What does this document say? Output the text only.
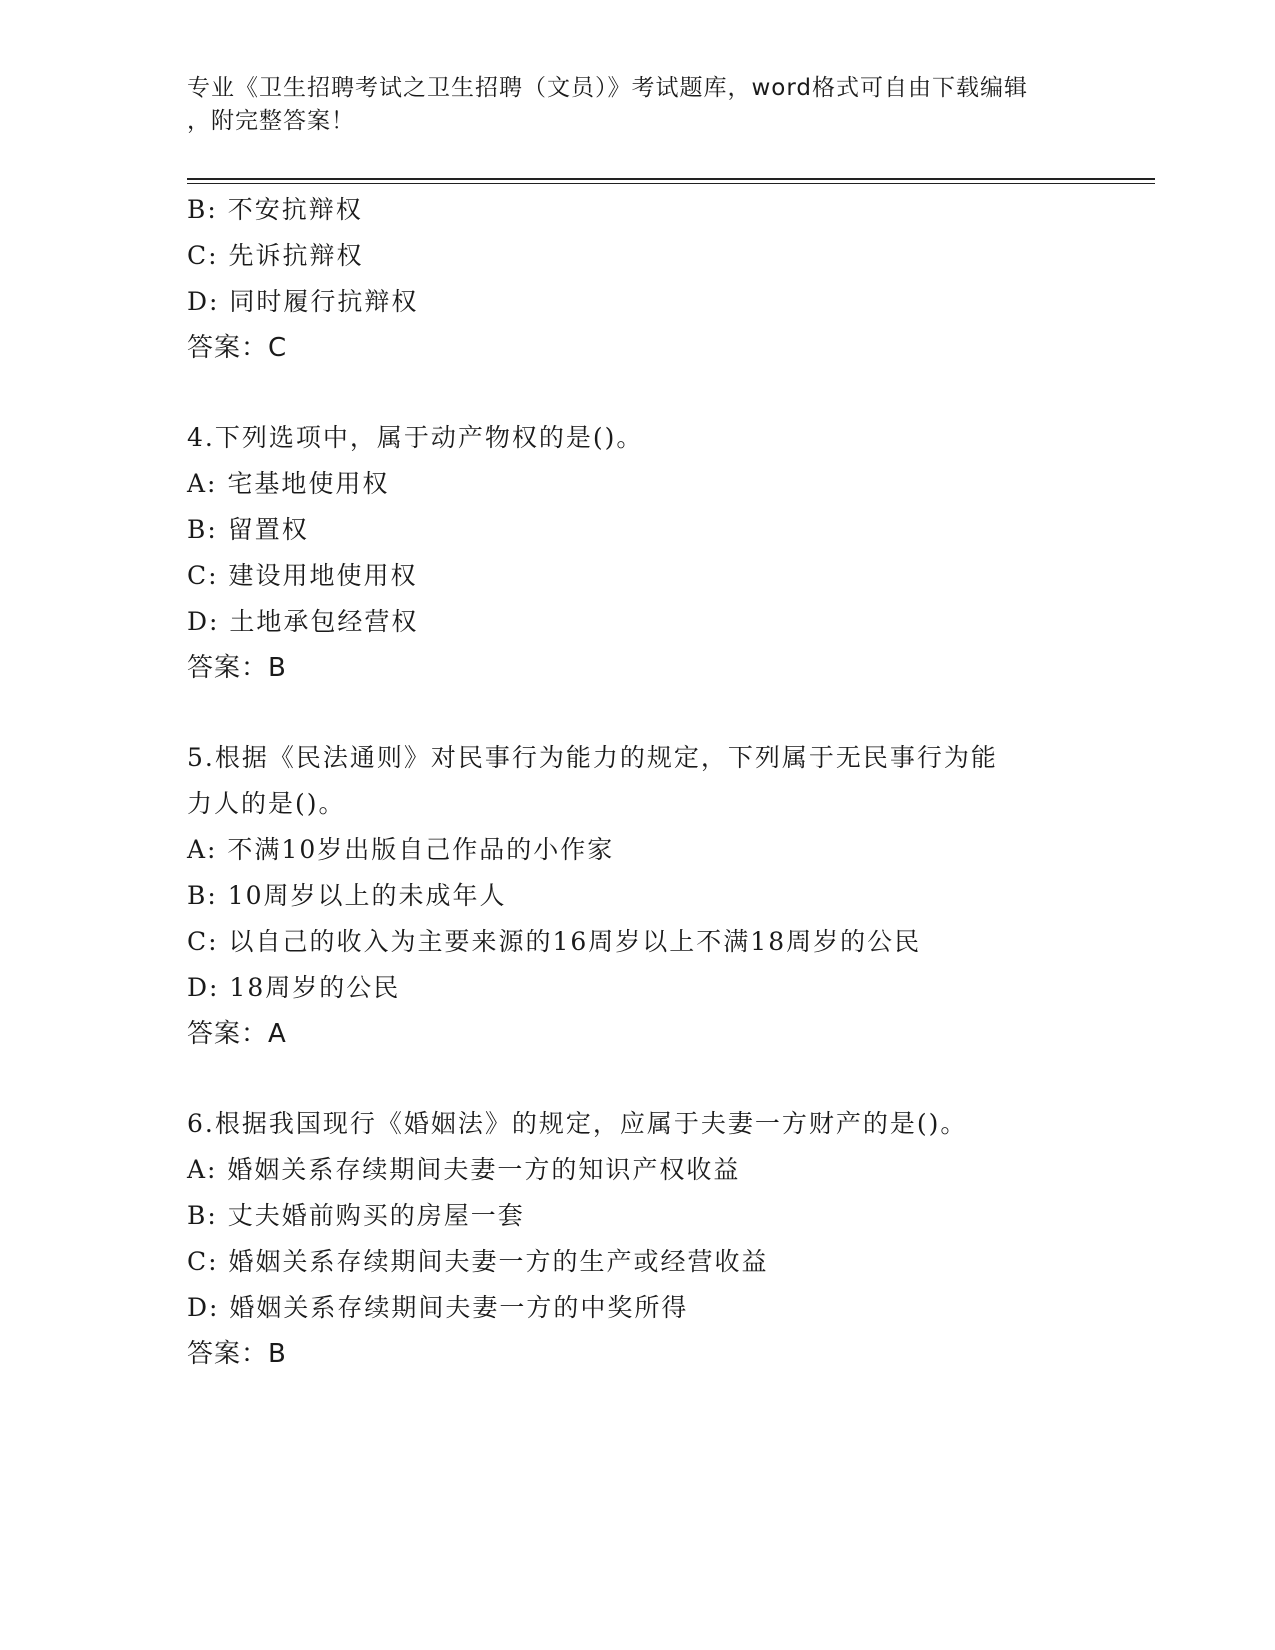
专业《卫生招聘考试之卫生招聘（文员）》考试题库，word格式可自由下载编辑
，附完整答案！
B: 不安抗辩权
C: 先诉抗辩权
D: 同时履行抗辩权
答案：C
4.下列选项中，属于动产物权的是()。
A: 宅基地使用权
B: 留置权
C: 建设用地使用权
D: 土地承包经营权
答案：B
5.根据《民法通则》对民事行为能力的规定，下列属于无民事行为能
力人的是()。
A: 不满10岁出版自己作品的小作家
B: 10周岁以上的未成年人
C: 以自己的收入为主要来源的16周岁以上不满18周岁的公民
D: 18周岁的公民
答案：A
6.根据我国现行《婚姻法》的规定，应属于夫妻一方财产的是()。
A: 婚姻关系存续期间夫妻一方的知识产权收益
B: 丈夫婚前购买的房屋一套
C: 婚姻关系存续期间夫妻一方的生产或经营收益
D: 婚姻关系存续期间夫妻一方的中奖所得
答案：B
